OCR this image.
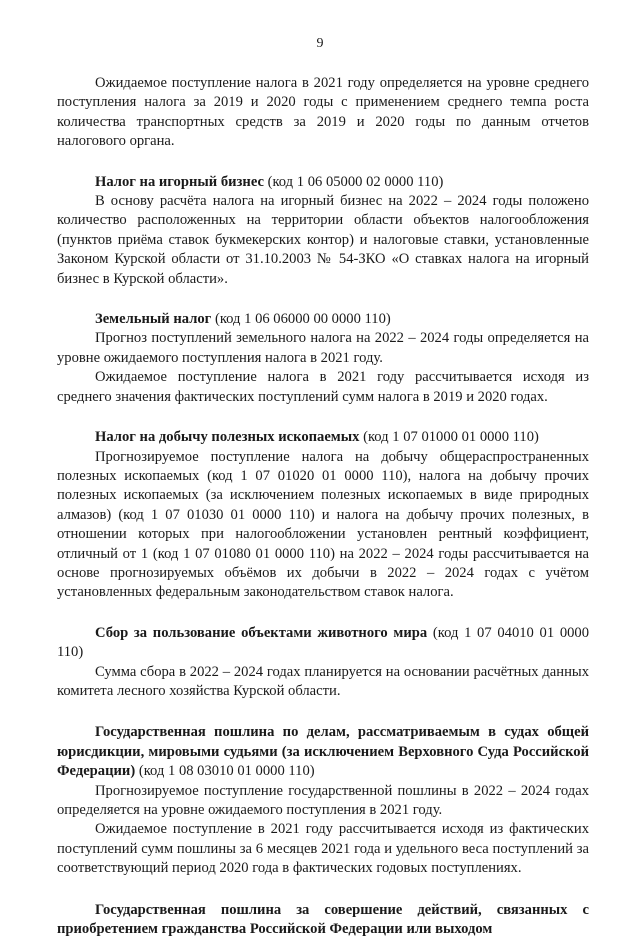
9

Ожидаемое поступление налога в 2021 году определяется на уровне среднего поступления налога за 2019 и 2020 годы с применением среднего темпа роста количества транспортных средств за 2019 и 2020 годы по данным отчетов налогового органа.

Налог на игорный бизнес (код 1 06 05000 02 0000 110)

В основу расчёта налога на игорный бизнес на 2022 – 2024 годы положено количество расположенных на территории области объектов налогообложения (пунктов приёма ставок букмекерских контор) и налоговые ставки, установленные Законом Курской области от 31.10.2003 № 54-ЗКО «О ставках налога на игорный бизнес в Курской области».

Земельный налог (код 1 06 06000 00 0000 110)

Прогноз поступлений земельного налога на 2022 – 2024 годы определяется на уровне ожидаемого поступления налога в 2021 году.

Ожидаемое поступление налога в 2021 году рассчитывается исходя из среднего значения фактических поступлений сумм налога в 2019 и 2020 годах.

Налог на добычу полезных ископаемых (код 1 07 01000 01 0000 110)

Прогнозируемое поступление налога на добычу общераспространенных полезных ископаемых (код 1 07 01020 01 0000 110), налога на добычу прочих полезных ископаемых (за исключением полезных ископаемых в виде природных алмазов) (код 1 07 01030 01 0000 110) и налога на добычу прочих полезных, в отношении которых при налогообложении установлен рентный коэффициент, отличный от 1 (код 1 07 01080 01 0000 110) на 2022 – 2024 годы рассчитывается на основе прогнозируемых объёмов их добычи в 2022 – 2024 годах с учётом установленных федеральным законодательством ставок налога.

Сбор за пользование объектами животного мира (код 1 07 04010 01 0000 110)

Сумма сбора в 2022 – 2024 годах планируется на основании расчётных данных комитета лесного хозяйства Курской области.

Государственная пошлина по делам, рассматриваемым в судах общей юрисдикции, мировыми судьями (за исключением Верховного Суда Российской Федерации) (код 1 08 03010 01 0000 110)

Прогнозируемое поступление государственной пошлины в 2022 – 2024 годах определяется на уровне ожидаемого поступления в 2021 году.

Ожидаемое поступление в 2021 году рассчитывается исходя из фактических поступлений сумм пошлины за 6 месяцев 2021 года и удельного веса поступлений за соответствующий период 2020 года в фактических годовых поступлениях.

Государственная пошлина за совершение действий, связанных с приобретением гражданства Российской Федерации или выходом
